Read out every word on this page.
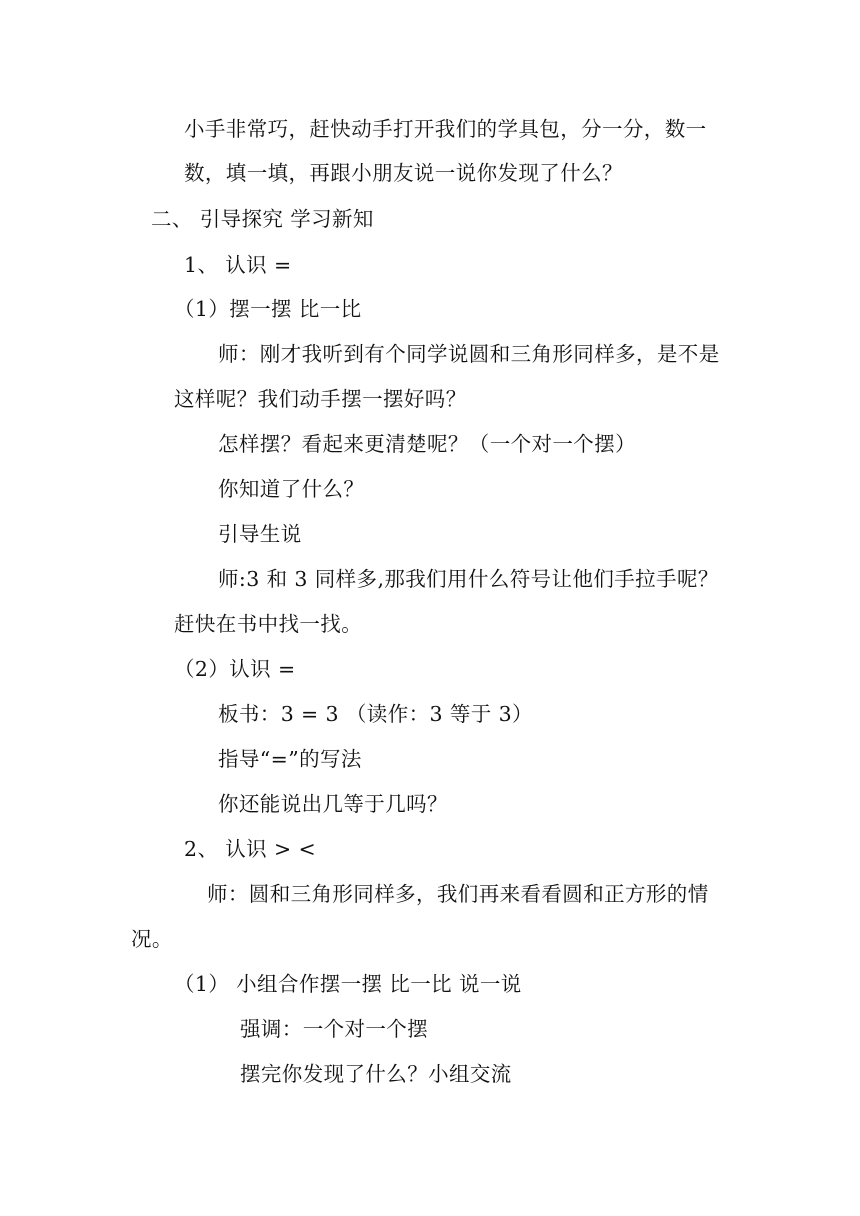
小手非常巧，赶快动手打开我们的学具包，分一分，数一
数，填一填，再跟小朋友说一说你发现了什么？
二、 引导探究 学习新知
1、 认识 =
（1）摆一摆 比一比
师：刚才我听到有个同学说圆和三角形同样多，是不是
这样呢？我们动手摆一摆好吗？
怎样摆？看起来更清楚呢？（一个对一个摆）
你知道了什么？
引导生说
师:3 和 3 同样多,那我们用什么符号让他们手拉手呢？
赶快在书中找一找。
（2）认识 =
板书：3 = 3 （读作：3 等于 3）
指导“=”的写法
你还能说出几等于几吗？
2、 认识 > <
师：圆和三角形同样多，我们再来看看圆和正方形的情
况。
（1） 小组合作摆一摆 比一比 说一说
强调：一个对一个摆
摆完你发现了什么？小组交流
